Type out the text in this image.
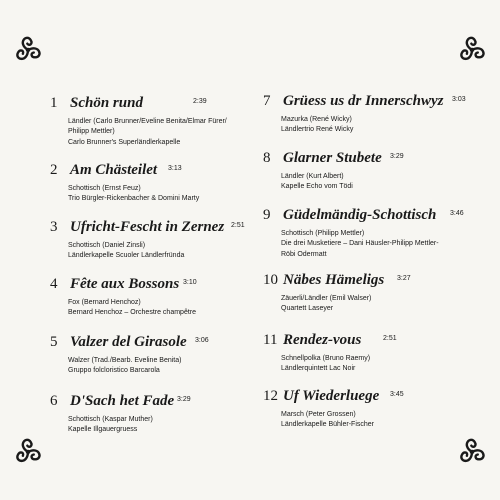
1 Schön rund	2:39
Ländler (Carlo Brunner/Eveline Benita/Elmar Fürer/
Philipp Mettler)
Carlo Brunner's Superländlerkapelle
2 Am Chästeilet 3:13
Schottisch (Ernst Feuz)
Trio Bürgler-Rickenbacher & Domini Marty
3 Ufricht-Fescht in Zernez 2:51
Schottisch (Daniel Zinsli)
Ländlerkapelle Scuoler Ländlerfründa
4 Fête aux Bossons 3:10
Fox (Bernard Henchoz)
Bernard Henchoz – Orchestre champêtre
5 Valzer del Girasole 3:06
Walzer (Trad./Bearb. Eveline Benita)
Gruppo folcloristico Barcarola
6 D'Sach het Fade 3:29
Schottisch (Kaspar Muther)
Kapelle Illgauergruess
7 Grüess us dr Innerschwyz 3:03
Mazurka (René Wicky)
Ländlertrio René Wicky
8 Glarner Stubete 3:29
Ländler (Kurt Albert)
Kapelle Echo vom Tödi
9 Güdelmändig-Schottisch 3:46
Schottisch (Philipp Mettler)
Die drei Musketiere – Dani Häusler-Philipp Mettler-
Röbi Odermatt
10 Näbes Hämeligs 3:27
Zäuerli/Ländler (Emil Walser)
Quartett Laseyer
11 Rendez-vous	2:51
Schnellpolka (Bruno Raemy)
Ländlerquintett Lac Noir
12 Uf Wiederluege 3:45
Marsch (Peter Grossen)
Ländlerkapelle Bühler-Fischer
